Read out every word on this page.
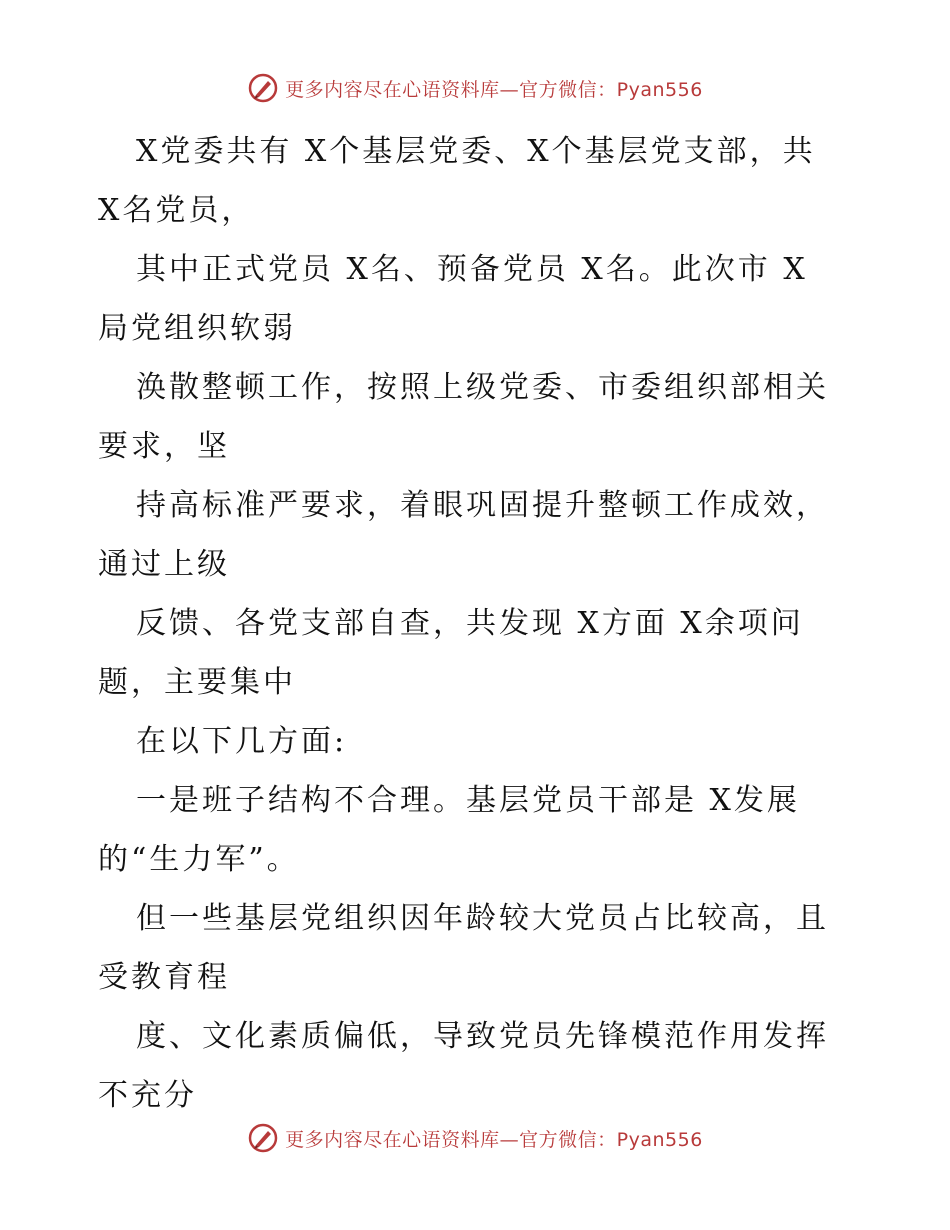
更多内容尽在心语资料库—官方微信：Pyan556
X党委共有 X个基层党委、X个基层党支部，共
X名党员，
其中正式党员 X名、预备党员 X名。此次市 X
局党组织软弱
涣散整顿工作，按照上级党委、市委组织部相关
要求，坚
持高标准严要求，着眼巩固提升整顿工作成效，
通过上级
反馈、各党支部自查，共发现 X方面 X余项问
题，主要集中
在以下几方面:
一是班子结构不合理。基层党员干部是 X发展
的“生力军”。
但一些基层党组织因年龄较大党员占比较高，且
受教育程
度、文化素质偏低，导致党员先锋模范作用发挥
不充分
更多内容尽在心语资料库—官方微信：Pyan556
